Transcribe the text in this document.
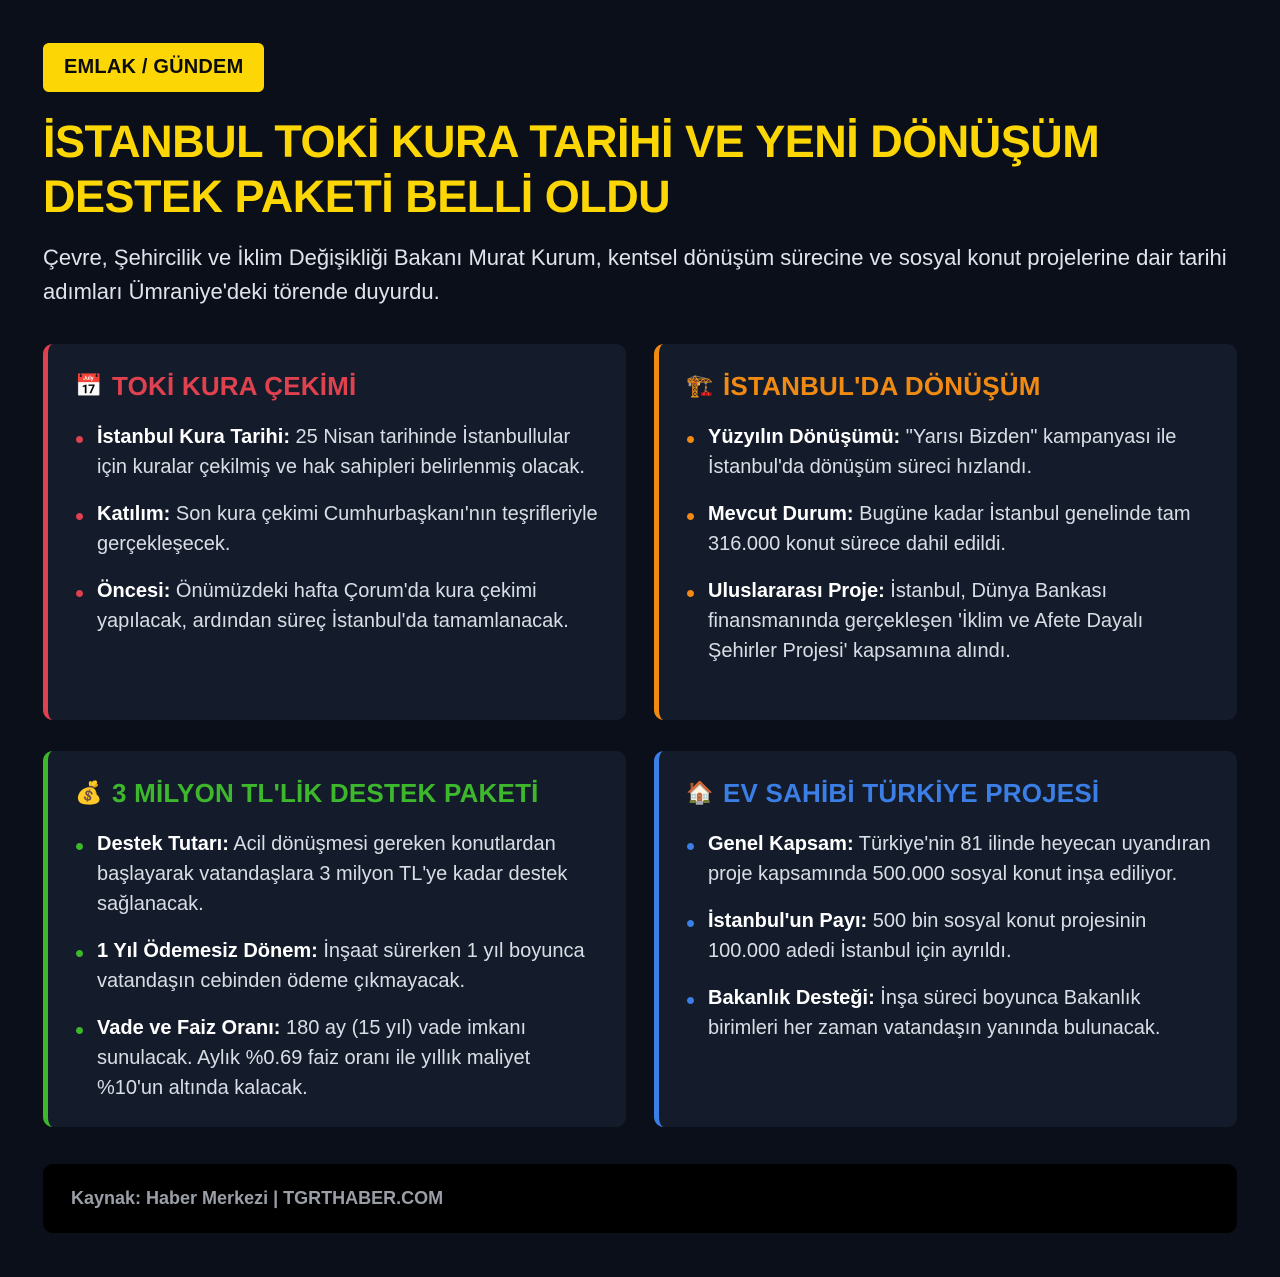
EMLAK / GÜNDEM
İSTANBUL TOKİ KURA TARİHİ VE YENİ DÖNÜŞÜM DESTEK PAKETİ BELLİ OLDU

Çevre, Şehircilik ve İklim Değişikliği Bakanı Murat Kurum, kentsel dönüşüm sürecine ve sosyal konut projelerine dair tarihi adımları Ümraniye'deki törende duyurdu.

📅 TOKİ KURA ÇEKİMİ
İstanbul Kura Tarihi: 25 Nisan tarihinde İstanbullular için kuralar çekilmiş ve hak sahipleri belirlenmiş olacak.
Katılım: Son kura çekimi Cumhurbaşkanı'nın teşrifleriyle gerçekleşecek.
Öncesi: Önümüzdeki hafta Çorum'da kura çekimi yapılacak, ardından süreç İstanbul'da tamamlanacak.
🏗️ İSTANBUL'DA DÖNÜŞÜM
Yüzyılın Dönüşümü: "Yarısı Bizden" kampanyası ile İstanbul'da dönüşüm süreci hızlandı.
Mevcut Durum: Bugüne kadar İstanbul genelinde tam 316.000 konut sürece dahil edildi.
Uluslararası Proje: İstanbul, Dünya Bankası finansmanında gerçekleşen 'İklim ve Afete Dayalı Şehirler Projesi' kapsamına alındı.
💰 3 MİLYON TL'LİK DESTEK PAKETİ
Destek Tutarı: Acil dönüşmesi gereken konutlardan başlayarak vatandaşlara 3 milyon TL'ye kadar destek sağlanacak.
1 Yıl Ödemesiz Dönem: İnşaat sürerken 1 yıl boyunca vatandaşın cebinden ödeme çıkmayacak.
Vade ve Faiz Oranı: 180 ay (15 yıl) vade imkanı sunulacak. Aylık %0.69 faiz oranı ile yıllık maliyet %10'un altında kalacak.
🏠 EV SAHİBİ TÜRKİYE PROJESİ
Genel Kapsam: Türkiye'nin 81 ilinde heyecan uyandıran proje kapsamında 500.000 sosyal konut inşa ediliyor.
İstanbul'un Payı: 500 bin sosyal konut projesinin 100.000 adedi İstanbul için ayrıldı.
Bakanlık Desteği: İnşa süreci boyunca Bakanlık birimleri her zaman vatandaşın yanında bulunacak.
Kaynak: Haber Merkezi | TGRTHABER.COM
